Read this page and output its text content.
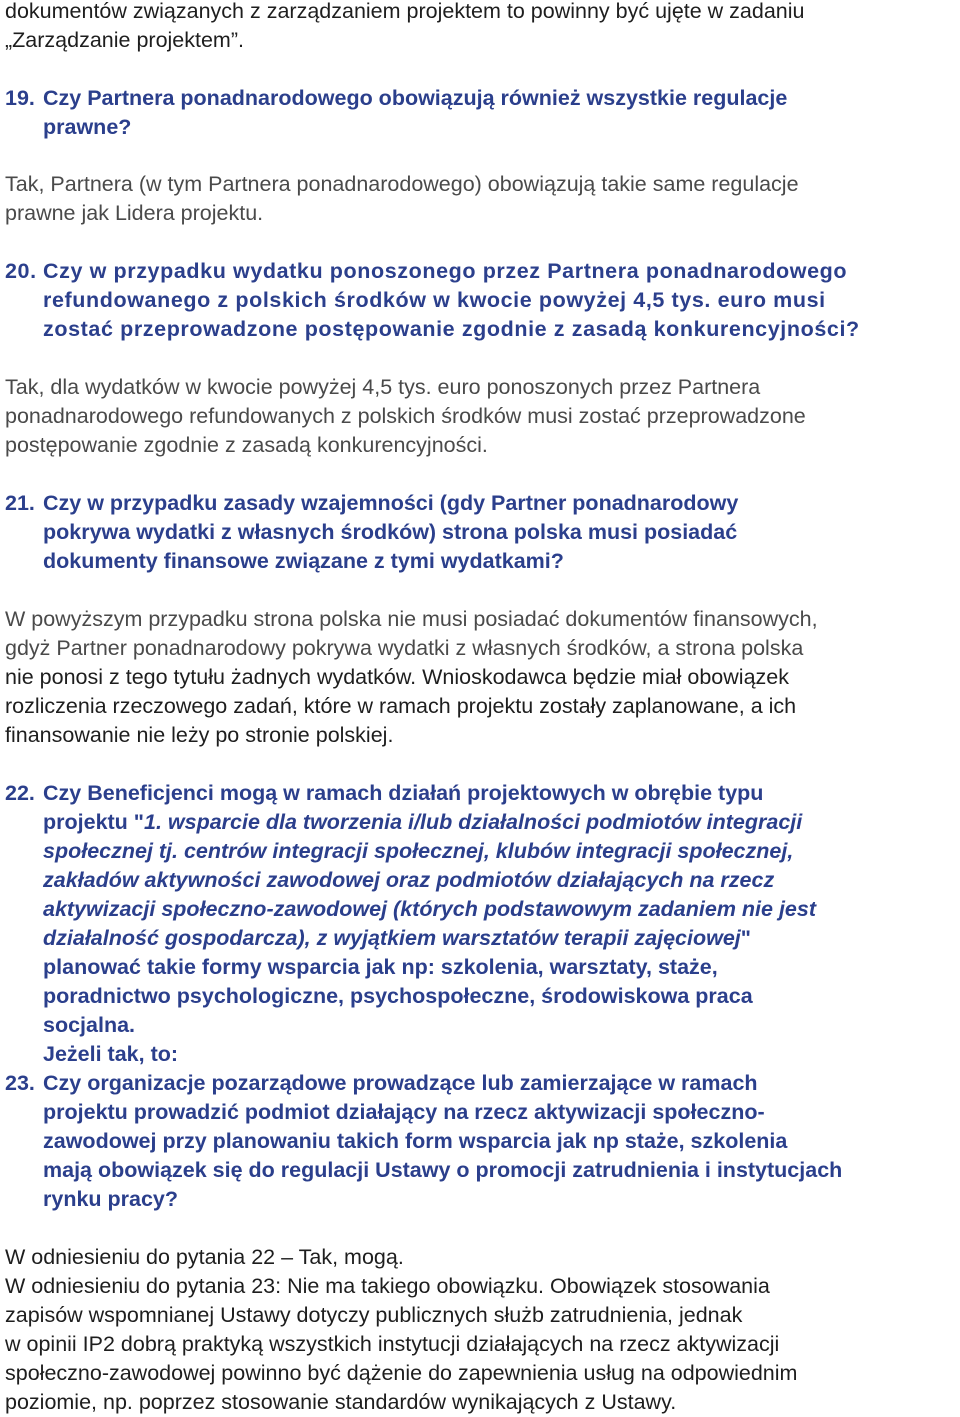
dokumentów związanych z zarządzaniem projektem to powinny być ujęte w zadaniu
„Zarządzanie projektem”.
19. Czy Partnera ponadnarodowego obowiązują również wszystkie regulacje
prawne?
Tak, Partnera (w tym Partnera ponadnarodowego) obowiązują takie same regulacje
prawne jak Lidera projektu.
20. Czy w przypadku wydatku ponoszonego przez Partnera ponadnarodowego
refundowanego z polskich środków w kwocie powyżej 4,5 tys. euro musi
zostać przeprowadzone postępowanie zgodnie z zasadą konkurencyjności?
Tak, dla wydatków w kwocie powyżej 4,5 tys. euro ponoszonych przez Partnera
ponadnarodowego refundowanych z polskich środków musi zostać przeprowadzone
postępowanie zgodnie z zasadą konkurencyjności.
21. Czy w przypadku zasady wzajemności (gdy Partner ponadnarodowy
pokrywa wydatki z własnych środków) strona polska musi posiadać
dokumenty finansowe związane z tymi wydatkami?
W powyższym przypadku strona polska nie musi posiadać dokumentów finansowych,
gdyż Partner ponadnarodowy pokrywa wydatki z własnych środków, a strona polska
nie ponosi z tego tytułu żadnych wydatków. Wnioskodawca będzie miał obowiązek
rozliczenia rzeczowego zadań, które w ramach projektu zostały zaplanowane, a ich
finansowanie nie leży po stronie polskiej.
22. Czy Beneficjenci mogą w ramach działań projektowych w obrębie typu
projektu "1. wsparcie dla tworzenia i/lub działalności podmiotów integracji
społecznej tj. centrów integracji społecznej, klubów integracji społecznej,
zakładów aktywności zawodowej oraz podmiotów działających na rzecz
aktywizacji społeczno-zawodowej (których podstawowym zadaniem nie jest
działalność gospodarcza), z wyjątkiem warsztatów terapii zajęciowej"
planować takie formy wsparcia jak np: szkolenia, warsztaty, staże,
poradnictwo psychologiczne, psychospołeczne, środowiskowa praca
socjalna.
Jeżeli tak, to:
23. Czy organizacje pozarządowe prowadzące lub zamierzające w ramach
projektu prowadzić podmiot działający na rzecz aktywizacji społeczno-
zawodowej przy planowaniu takich form wsparcia jak np staże, szkolenia
mają obowiązek się do regulacji Ustawy o promocji zatrudnienia i instytucjach
rynku pracy?
W odniesieniu do pytania 22 – Tak, mogą.
W odniesieniu do pytania 23: Nie ma takiego obowiązku. Obowiązek stosowania
zapisów wspomnianej Ustawy dotyczy publicznych służb zatrudnienia, jednak
w opinii IP2 dobrą praktyką wszystkich instytucji działających na rzecz aktywizacji
społeczno-zawodowej powinno być dążenie do zapewnienia usług na odpowiednim
poziomie, np. poprzez stosowanie standardów wynikających z Ustawy.
